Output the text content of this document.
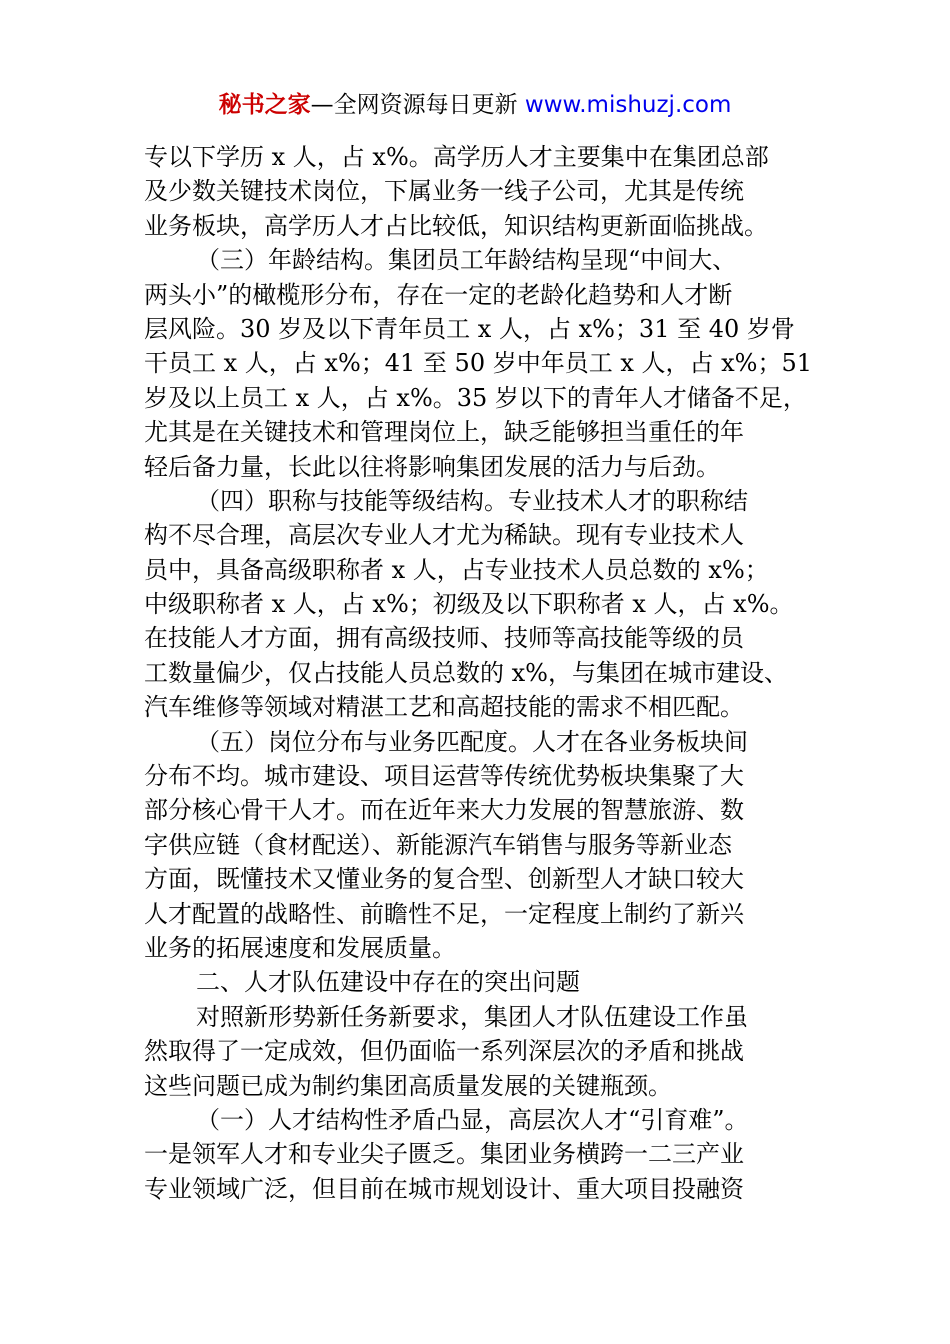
秘书之家—全网资源每日更新 www.mishuzj.com
专以下学历 x 人，占 x%。高学历人才主要集中在集团总部
及少数关键技术岗位，下属业务一线子公司，尤其是传统
业务板块，高学历人才占比较低，知识结构更新面临挑战。
（三）年龄结构。集团员工年龄结构呈现“中间大、
两头小”的橄榄形分布，存在一定的老龄化趋势和人才断
层风险。30 岁及以下青年员工 x 人，占 x%；31 至 40 岁骨
干员工 x 人，占 x%；41 至 50 岁中年员工 x 人，占 x%；51
岁及以上员工 x 人，占 x%。35 岁以下的青年人才储备不足，
尤其是在关键技术和管理岗位上，缺乏能够担当重任的年
轻后备力量，长此以往将影响集团发展的活力与后劲。
（四）职称与技能等级结构。专业技术人才的职称结
构不尽合理，高层次专业人才尤为稀缺。现有专业技术人
员中，具备高级职称者 x 人，占专业技术人员总数的 x%；
中级职称者 x 人，占 x%；初级及以下职称者 x 人，占 x%。
在技能人才方面，拥有高级技师、技师等高技能等级的员
工数量偏少，仅占技能人员总数的 x%，与集团在城市建设、
汽车维修等领域对精湛工艺和高超技能的需求不相匹配。
（五）岗位分布与业务匹配度。人才在各业务板块间
分布不均。城市建设、项目运营等传统优势板块集聚了大
部分核心骨干人才。而在近年来大力发展的智慧旅游、数
字供应链（食材配送）、新能源汽车销售与服务等新业态
方面，既懂技术又懂业务的复合型、创新型人才缺口较大
人才配置的战略性、前瞻性不足，一定程度上制约了新兴
业务的拓展速度和发展质量。
二、人才队伍建设中存在的突出问题
对照新形势新任务新要求，集团人才队伍建设工作虽
然取得了一定成效，但仍面临一系列深层次的矛盾和挑战
这些问题已成为制约集团高质量发展的关键瓶颈。
（一）人才结构性矛盾凸显，高层次人才“引育难”。
一是领军人才和专业尖子匮乏。集团业务横跨一二三产业
专业领域广泛，但目前在城市规划设计、重大项目投融资
